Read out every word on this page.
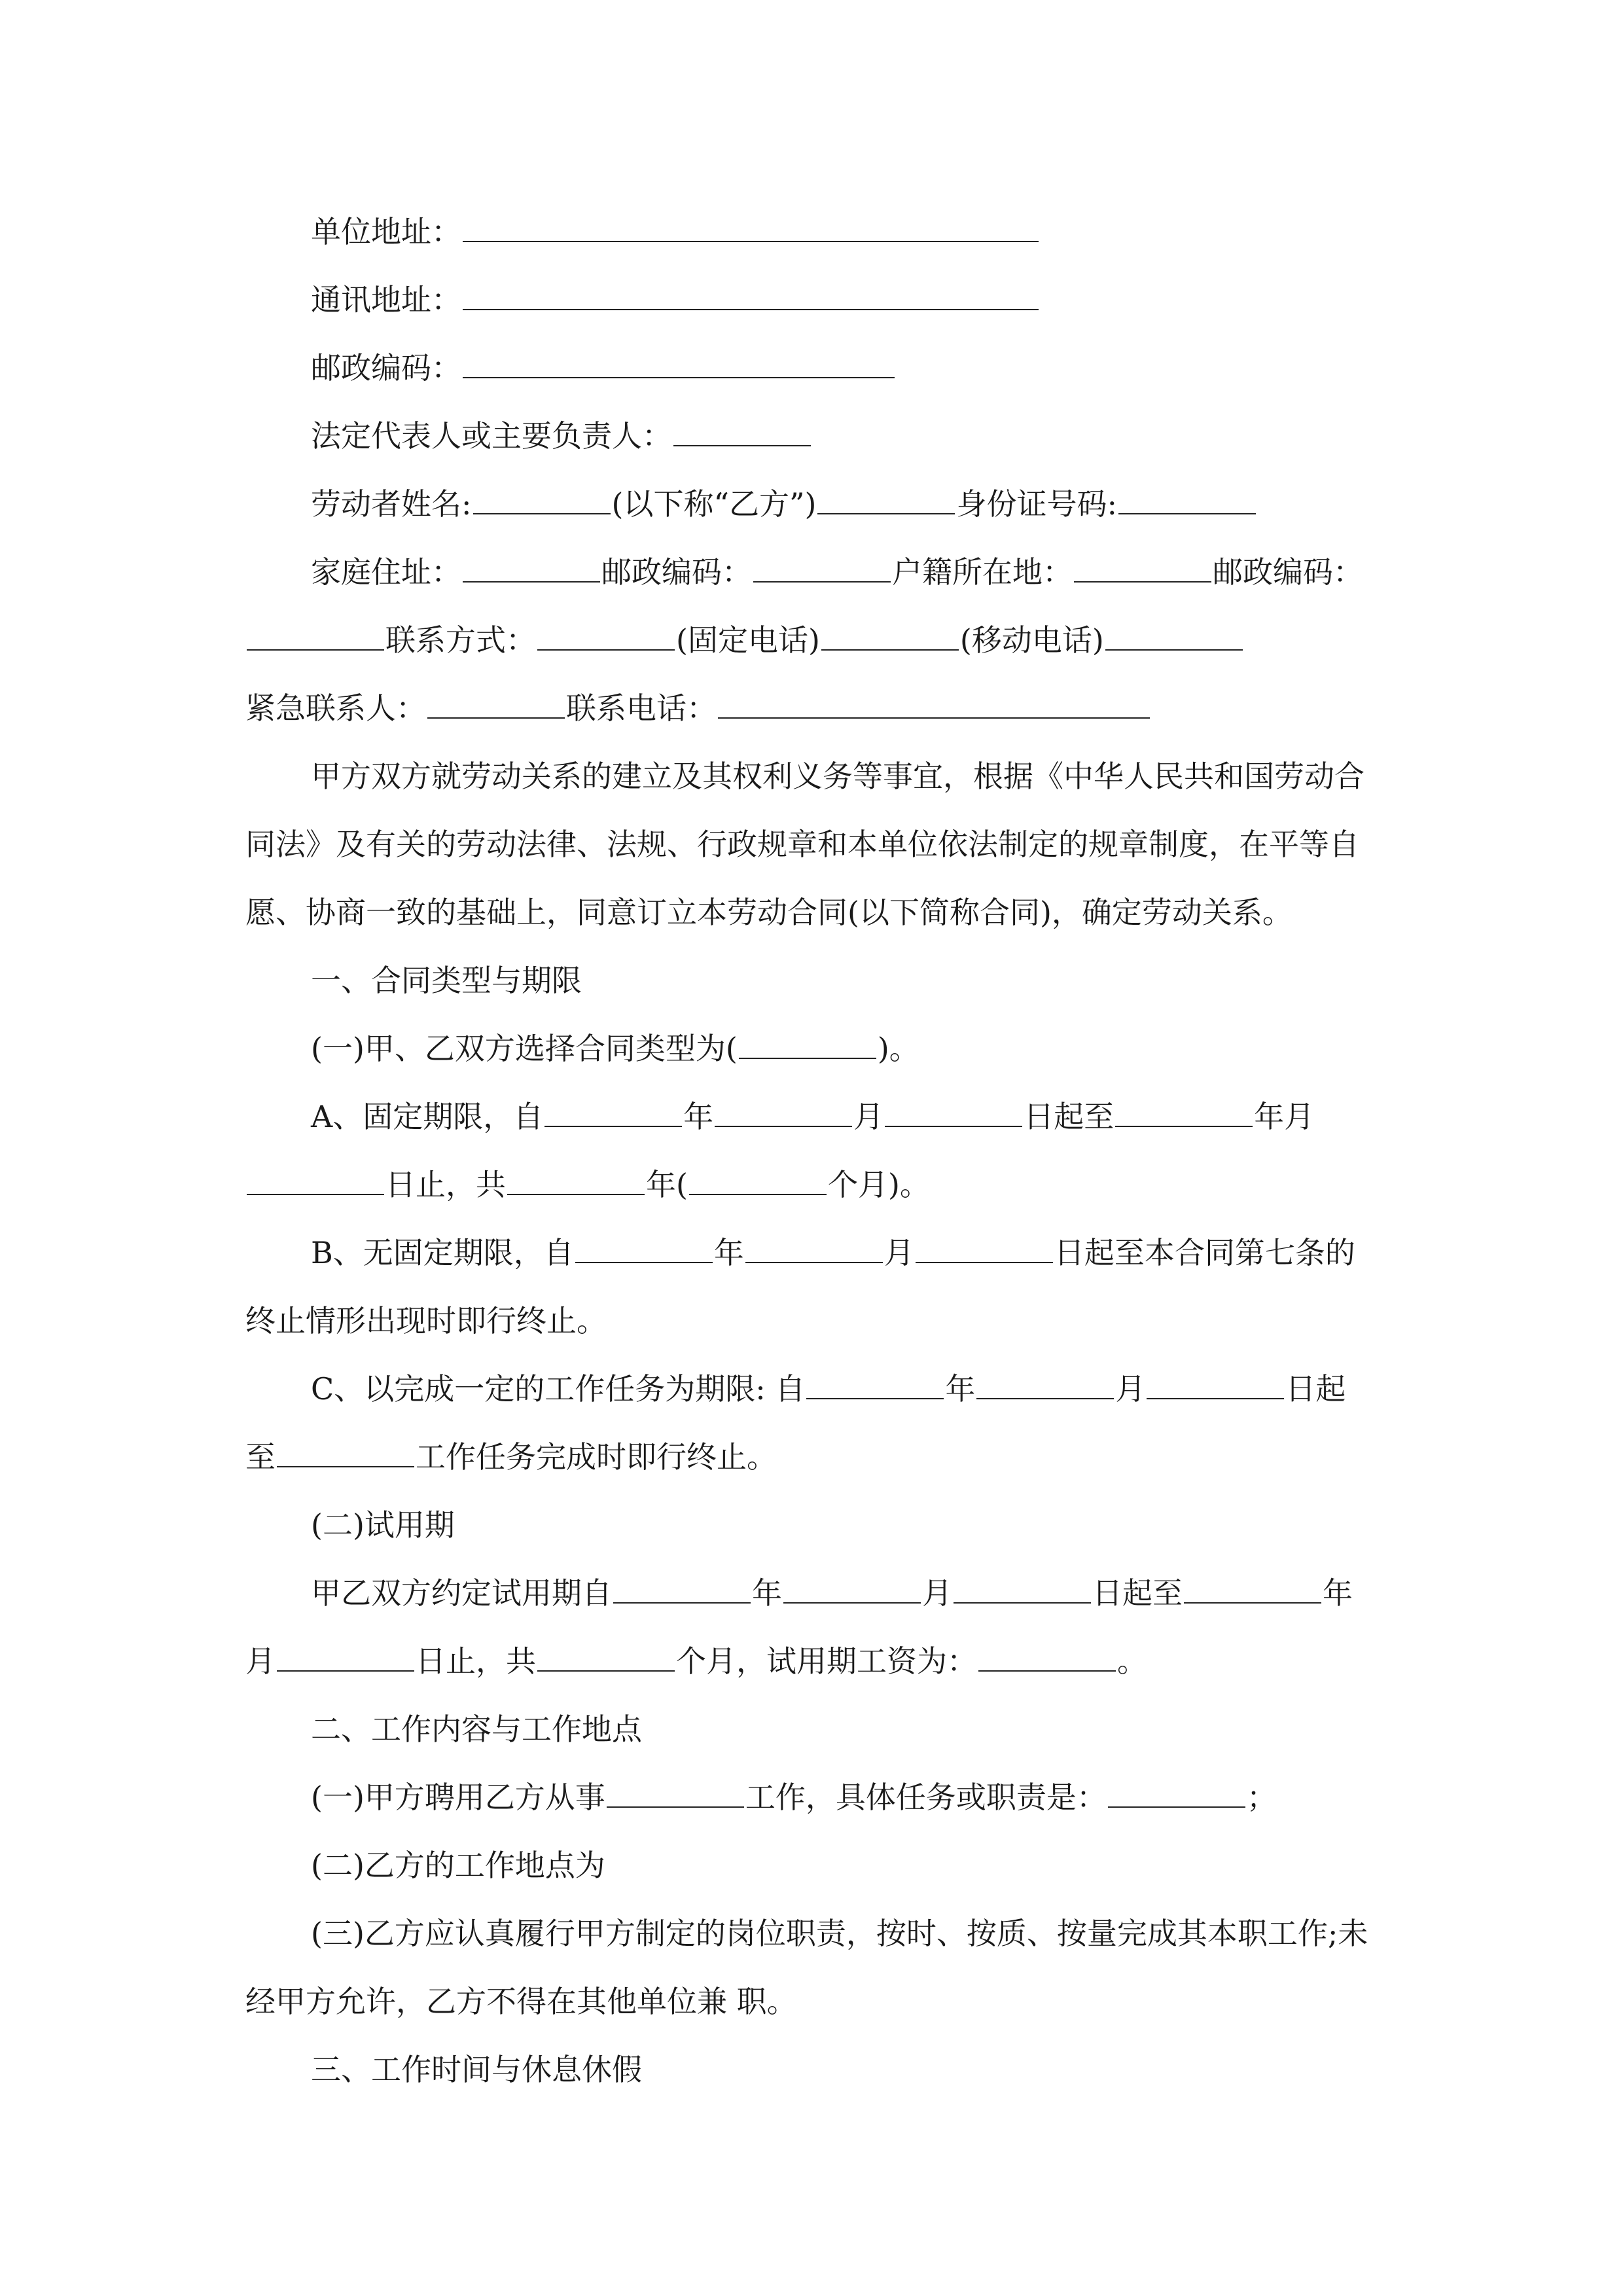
单位地址：

通讯地址：

邮政编码：

法定代表人或主要负责人：

劳动者姓名:	(以下称“乙方”)	身份证号码:

家庭住址：	邮政编码：	户籍所在地：	邮政编码：联系方式：	(固定电话)	(移动电话)

紧急联系人：	联系电话：

甲方双方就劳动关系的建立及其权利义务等事宜，根据《中华人民共和国劳动合同法》及有关的劳动法律、法规、行政规章和本单位依法制定的规章制度，在平等自愿、协商一致的基础上，同意订立本劳动合同(以下简称合同)，确定劳动关系。

一、合同类型与期限

(一)甲、乙双方选择合同类型为(	)。

A、固定期限，自	年	月	日起至	年月日止，共	年(	个月)。

B、无固定期限，自	年	月	日起至本合同第七条的终止情形出现时即行终止。

C、以完成一定的工作任务为期限: 自	年	月	日起至	工作任务完成时即行终止。

(二)试用期

甲乙双方约定试用期自	年	月	日起至	年月	日止，共	个月，试用期工资为：	。

二、工作内容与工作地点

(一)甲方聘用乙方从事	工作，具体任务或职责是：	；

(二)乙方的工作地点为

(三)乙方应认真履行甲方制定的岗位职责，按时、按质、按量完成其本职工作;未经甲方允许，乙方不得在其他单位兼 职。

三、工作时间与休息休假
